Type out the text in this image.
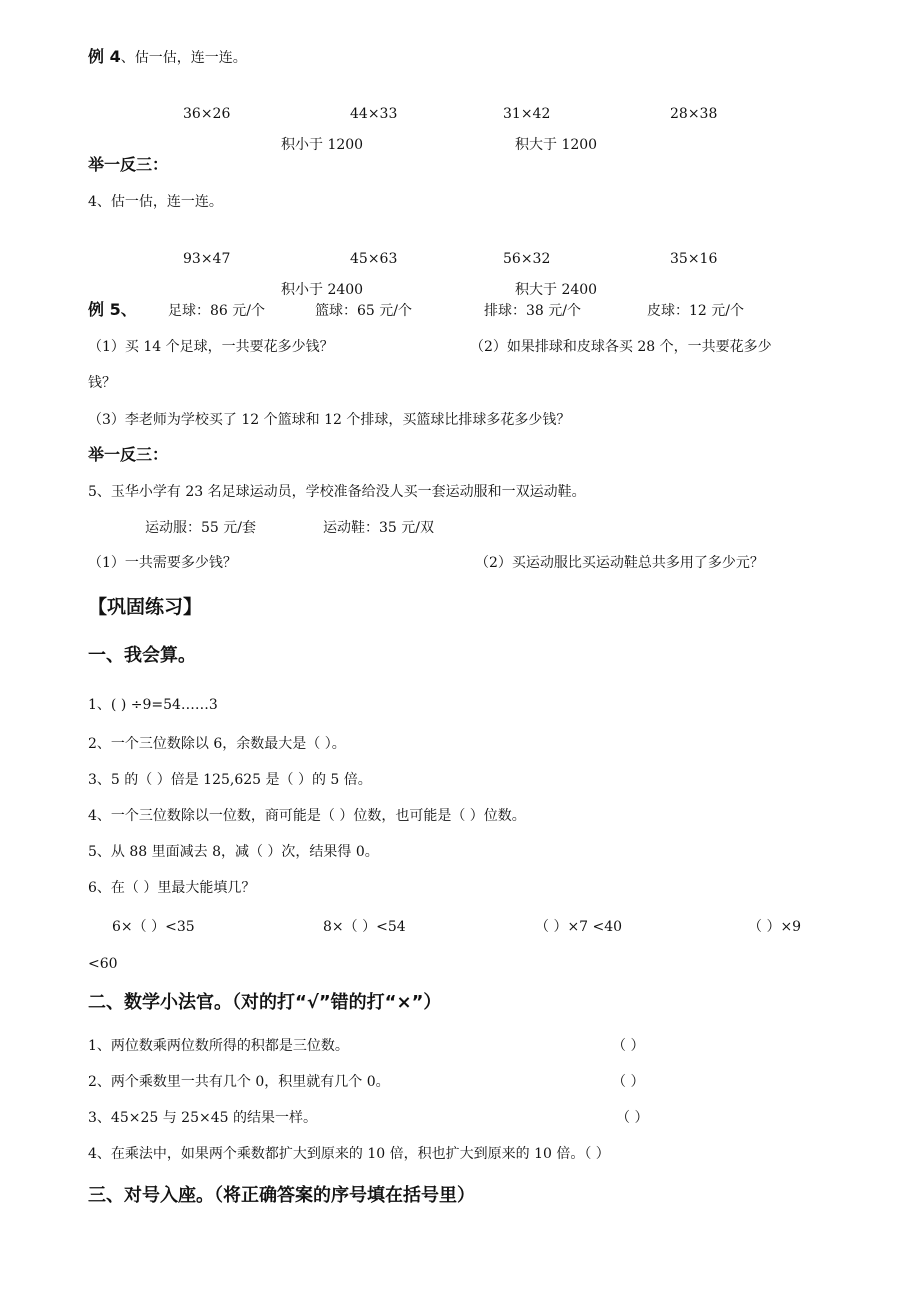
例 4、估一估，连一连。
36×26	44×33	31×42	28×38
积小于 1200	积大于 1200
举一反三：
4、估一估，连一连。
93×47	45×63	56×32	35×16
积小于 2400	积大于 2400
例 5、 足球：86 元/个	篮球：65 元/个	排球：38 元/个	皮球：12 元/个
（1）买 14 个足球，一共要花多少钱？	（2）如果排球和皮球各买 28 个，一共要花多少
钱？
（3）李老师为学校买了 12 个篮球和 12 个排球，买篮球比排球多花多少钱？
举一反三：
5、玉华小学有 23 名足球运动员，学校准备给没人买一套运动服和一双运动鞋。
运动服：55 元/套	运动鞋：35 元/双
（1）一共需要多少钱？	（2）买运动服比买运动鞋总共多用了多少元？
【巩固练习】
一、我会算。
1、( ) ÷9=54……3
2、一个三位数除以 6，余数最大是（ ）。
3、5 的（ ）倍是 125,625 是（ ）的 5 倍。
4、一个三位数除以一位数，商可能是（ ）位数，也可能是（ ）位数。
5、从 88 里面减去 8，减（ ）次，结果得 0。
6、在（ ）里最大能填几？
6×（ ）<35	8×（ ）<54	（ ）×7 <40	（ ）×9
<60
二、数学小法官。（对的打“√”错的打“×”）
1、两位数乘两位数所得的积都是三位数。	（ ）
2、两个乘数里一共有几个 0，积里就有几个 0。	（ ）
3、45×25 与 25×45 的结果一样。	（ ）
4、在乘法中，如果两个乘数都扩大到原来的 10 倍，积也扩大到原来的 10 倍。（ ）
三、对号入座。（将正确答案的序号填在括号里）
